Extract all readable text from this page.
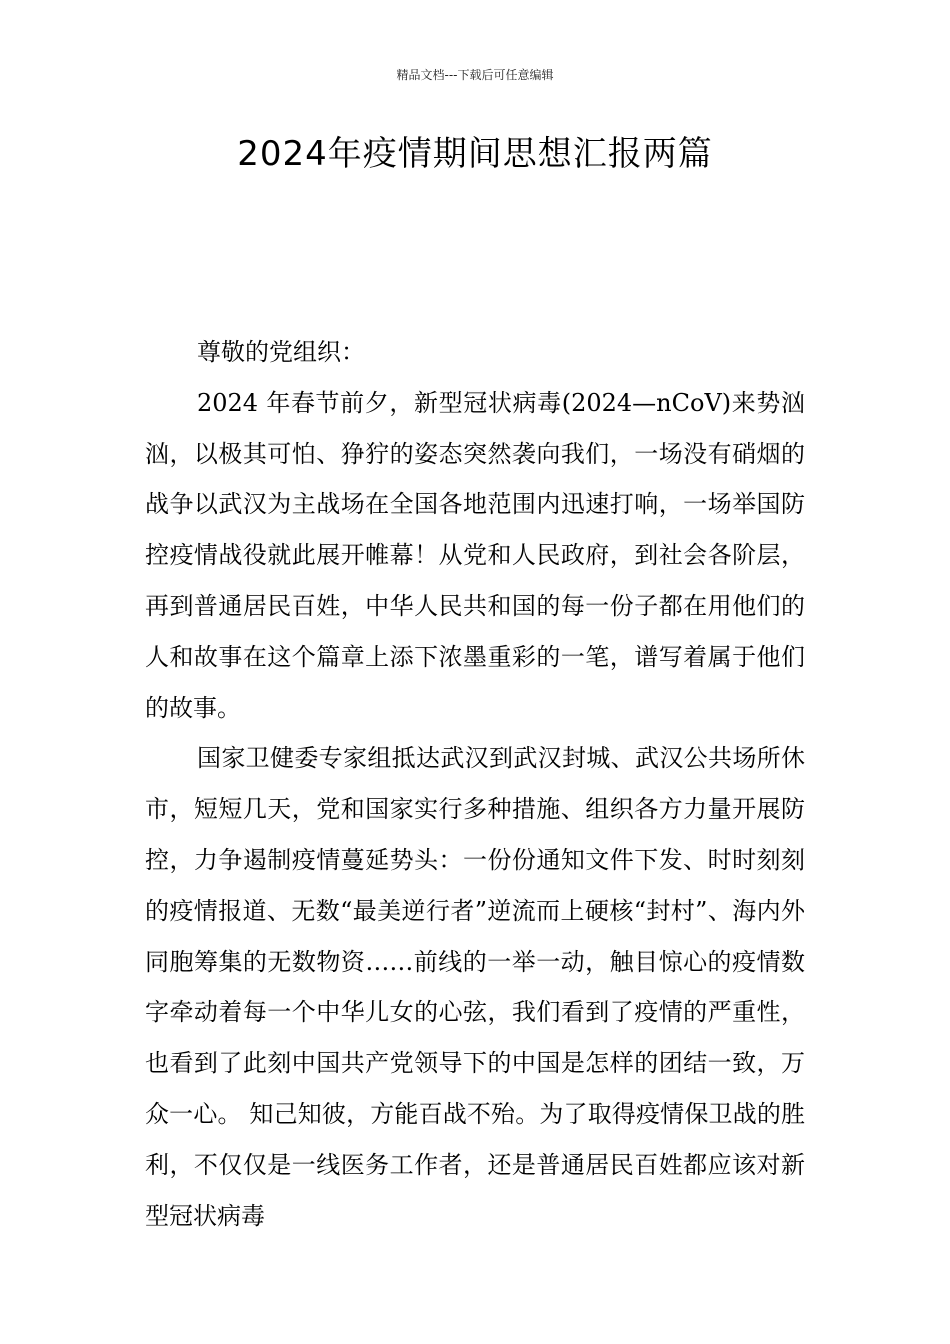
精品文档---下载后可任意编辑
2024年疫情期间思想汇报两篇

尊敬的党组织：

2024 年春节前夕，新型冠状病毒(2024—nCoV)来势汹汹，以极其可怕、狰狞的姿态突然袭向我们，一场没有硝烟的战争以武汉为主战场在全国各地范围内迅速打响，一场举国防控疫情战役就此展开帷幕！从党和人民政府，到社会各阶层，再到普通居民百姓，中华人民共和国的每一份子都在用他们的人和故事在这个篇章上添下浓墨重彩的一笔，谱写着属于他们的故事。

国家卫健委专家组抵达武汉到武汉封城、武汉公共场所休市，短短几天，党和国家实行多种措施、组织各方力量开展防控，力争遏制疫情蔓延势头：一份份通知文件下发、时时刻刻的疫情报道、无数“最美逆行者”逆流而上硬核“封村”、海内外同胞筹集的无数物资……前线的一举一动，触目惊心的疫情数字牵动着每一个中华儿女的心弦，我们看到了疫情的严重性，也看到了此刻中国共产党领导下的中国是怎样的团结一致，万众一心。 知己知彼，方能百战不殆。为了取得疫情保卫战的胜利，不仅仅是一线医务工作者，还是普通居民百姓都应该对新型冠状病毒
